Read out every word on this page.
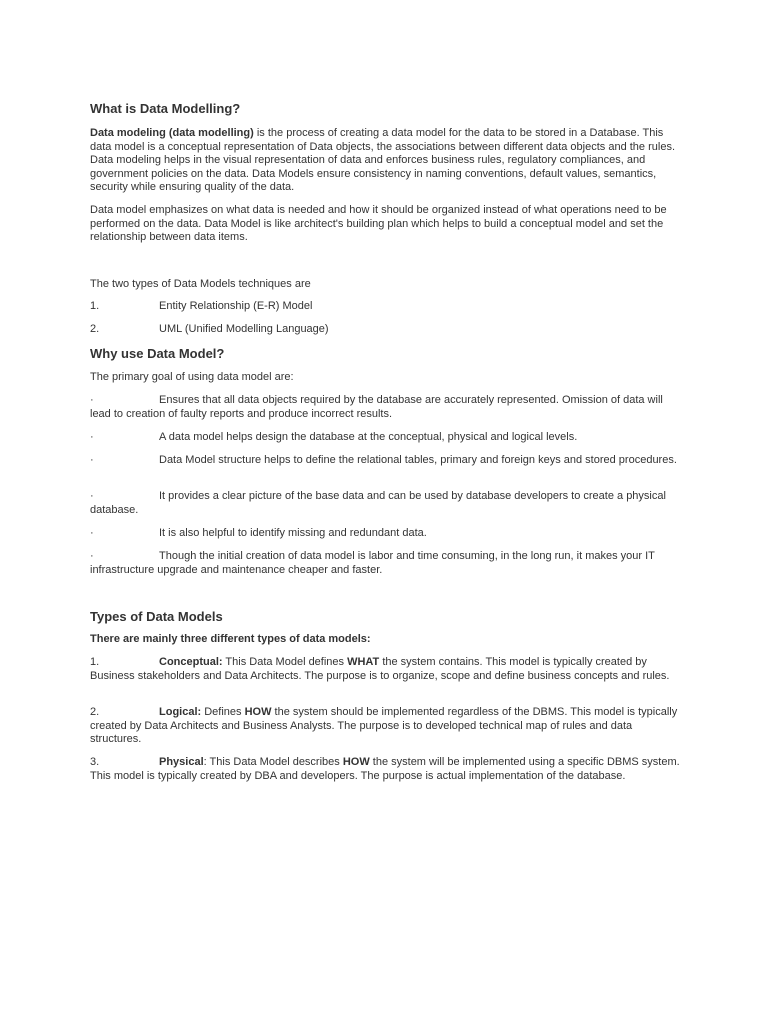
What is Data Modelling?

Data modeling (data modelling) is the process of creating a data model for the data to be stored in a Database. This data model is a conceptual representation of Data objects, the associations between different data objects and the rules. Data modeling helps in the visual representation of data and enforces business rules, regulatory compliances, and government policies on the data. Data Models ensure consistency in naming conventions, default values, semantics, security while ensuring quality of the data.

Data model emphasizes on what data is needed and how it should be organized instead of what operations need to be performed on the data. Data Model is like architect's building plan which helps to build a conceptual model and set the relationship between data items.

The two types of Data Models techniques are

1.	Entity Relationship (E-R) Model

2.	UML (Unified Modelling Language)

Why use Data Model?

The primary goal of using data model are:

·	Ensures that all data objects required by the database are accurately represented. Omission of data will lead to creation of faulty reports and produce incorrect results.

·	A data model helps design the database at the conceptual, physical and logical levels.

·	Data Model structure helps to define the relational tables, primary and foreign keys and stored procedures.

·	It provides a clear picture of the base data and can be used by database developers to create a physical database.

·	It is also helpful to identify missing and redundant data.

·	Though the initial creation of data model is labor and time consuming, in the long run, it makes your IT infrastructure upgrade and maintenance cheaper and faster.

Types of Data Models

There are mainly three different types of data models:

1.	Conceptual: This Data Model defines WHAT the system contains. This model is typically created by Business stakeholders and Data Architects. The purpose is to organize, scope and define business concepts and rules.

2.	Logical: Defines HOW the system should be implemented regardless of the DBMS. This model is typically created by Data Architects and Business Analysts. The purpose is to developed technical map of rules and data structures.

3.	Physical: This Data Model describes HOW the system will be implemented using a specific DBMS system. This model is typically created by DBA and developers. The purpose is actual implementation of the database.
